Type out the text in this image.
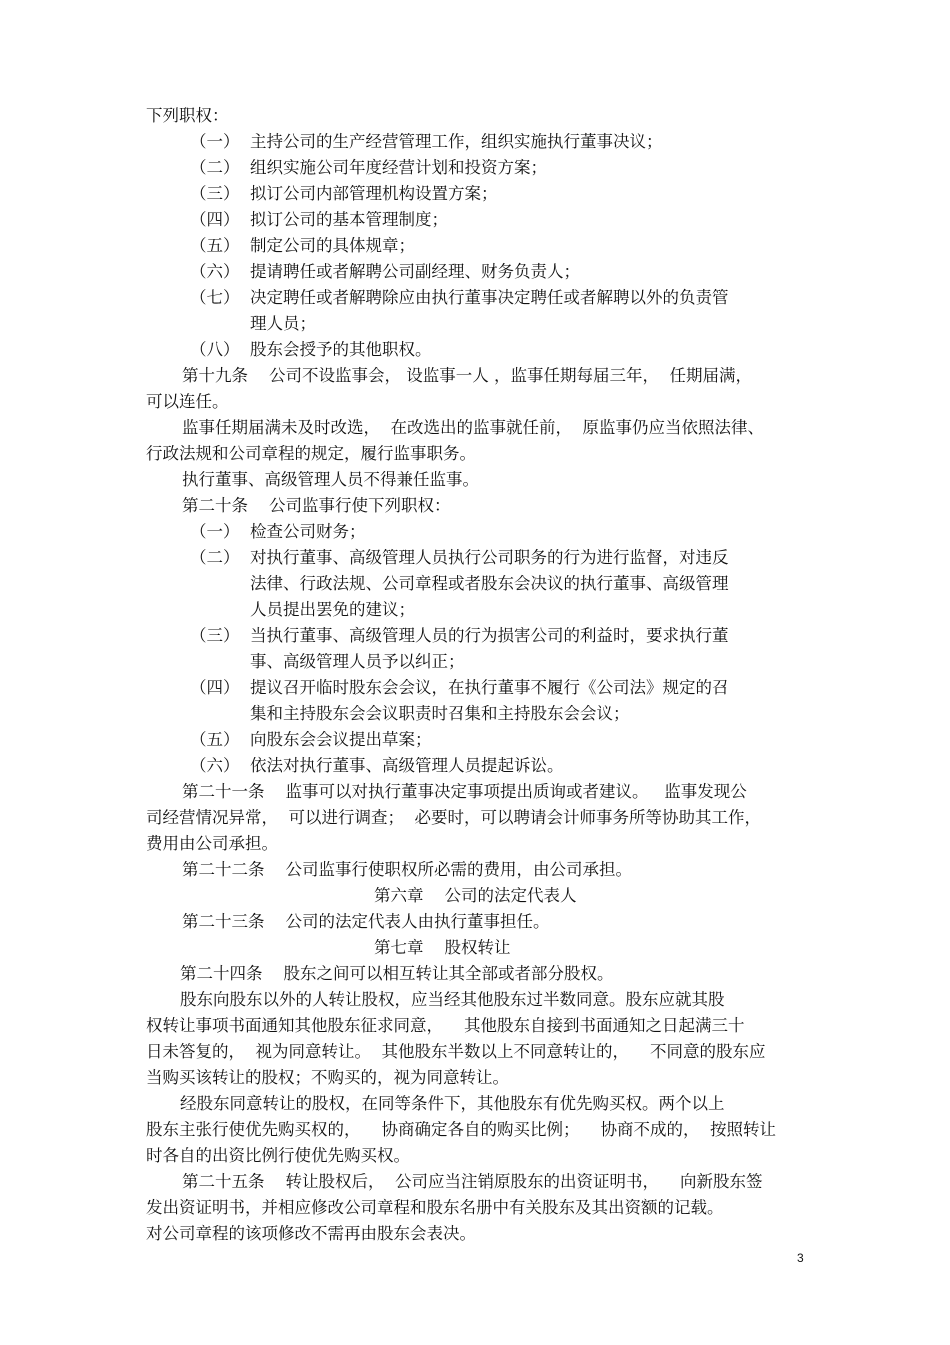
下列职权：
（一） 主持公司的生产经营管理工作，组织实施执行董事决议；
（二） 组织实施公司年度经营计划和投资方案；
（三） 拟订公司内部管理机构设置方案；
（四） 拟订公司的基本管理制度；
（五） 制定公司的具体规章；
（六） 提请聘任或者解聘公司副经理、财务负责人；
（七） 决定聘任或者解聘除应由执行董事决定聘任或者解聘以外的负责管
理人员；
（八） 股东会授予的其他职权。
第十九条    公司不设监事会， 设监事一人 ，监事任期每届三年，  任期届满，
可以连任。
监事任期届满未及时改选，  在改选出的监事就任前，  原监事仍应当依照法律、
行政法规和公司章程的规定，履行监事职务。
执行董事、高级管理人员不得兼任监事。
第二十条    公司监事行使下列职权：
（一） 检查公司财务；
（二） 对执行董事、高级管理人员执行公司职务的行为进行监督，对违反
法律、行政法规、公司章程或者股东会决议的执行董事、高级管理
人员提出罢免的建议；
（三） 当执行董事、高级管理人员的行为损害公司的利益时，要求执行董
事、高级管理人员予以纠正；
（四） 提议召开临时股东会会议，在执行董事不履行《公司法》规定的召
集和主持股东会会议职责时召集和主持股东会会议；
（五） 向股东会会议提出草案；
（六） 依法对执行董事、高级管理人员提起诉讼。
第二十一条    监事可以对执行董事决定事项提出质询或者建议。   监事发现公
司经营情况异常，  可以进行调查；  必要时，可以聘请会计师事务所等协助其工作，
费用由公司承担。
第二十二条    公司监事行使职权所必需的费用，由公司承担。
第六章    公司的法定代表人
第二十三条    公司的法定代表人由执行董事担任。
第七章    股权转让
第二十四条    股东之间可以相互转让其全部或者部分股权。
股东向股东以外的人转让股权，应当经其他股东过半数同意。股东应就其股
权转让事项书面通知其他股东征求同意，    其他股东自接到书面通知之日起满三十
日未答复的，  视为同意转让。  其他股东半数以上不同意转让的，    不同意的股东应
当购买该转让的股权；不购买的，视为同意转让。
经股东同意转让的股权，在同等条件下，其他股东有优先购买权。两个以上
股东主张行使优先购买权的，    协商确定各自的购买比例；    协商不成的，  按照转让
时各自的出资比例行使优先购买权。
第二十五条    转让股权后，  公司应当注销原股东的出资证明书，    向新股东签
发出资证明书，并相应修改公司章程和股东名册中有关股东及其出资额的记载。
对公司章程的该项修改不需再由股东会表决。
3
